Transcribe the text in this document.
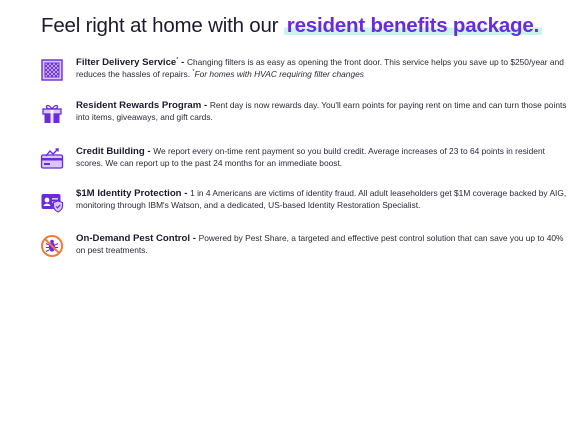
Feel right at home with our resident benefits package.
Filter Delivery Service* - Changing filters is as easy as opening the front door. This service helps you save up to $250/year and reduces the hassles of repairs. *For homes with HVAC requiring filter changes
Resident Rewards Program - Rent day is now rewards day. You'll earn points for paying rent on time and can turn those points into items, giveaways, and gift cards.
Credit Building - We report every on-time rent payment so you build credit. Average increases of 23 to 64 points in resident scores. We can report up to the past 24 months for an immediate boost.
$1M Identity Protection - 1 in 4 Americans are victims of identity fraud. All adult leaseholders get $1M coverage backed by AIG, monitoring through IBM's Watson, and a dedicated, US-based Identity Restoration Specialist.
On-Demand Pest Control - Powered by Pest Share, a targeted and effective pest control solution that can save you up to 40% on pest treatments.
